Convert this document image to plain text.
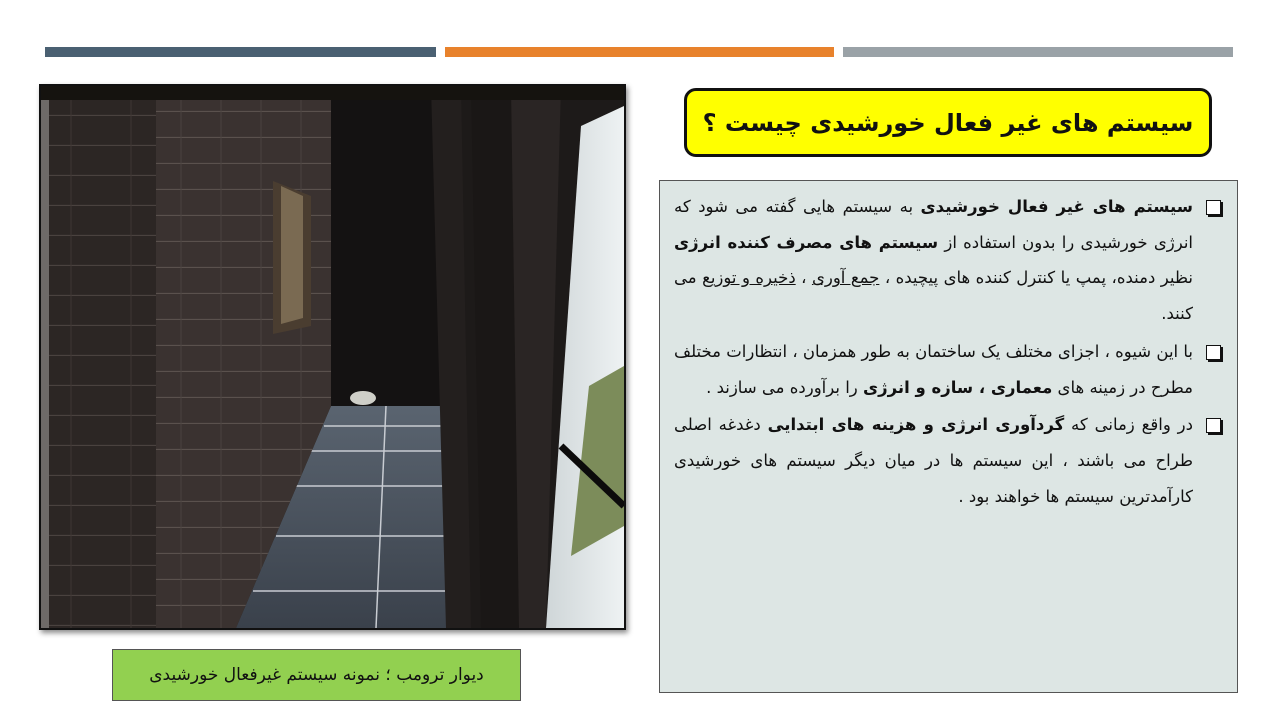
دیوار ترومب ؛ نمونه سیستم غیرفعال خورشیدی
سیستم های غیر فعال خورشیدی چیست ؟

سیستم های غیر فعال خورشیدی به سیستم هایی گفته می شود که انرژی خورشیدی را بدون استفاده از سیستم های مصرف کننده انرژی نظیر دمنده، پمپ یا کنترل کننده های پیچیده ، جمع آوری ، ذخیره و توزیع می کنند.

با این شیوه ، اجزای مختلف یک ساختمان به طور همزمان ، انتظارات مختلف مطرح در زمینه های معماری ، سازه و انرژی را برآورده می سازند .

در واقع زمانی که گردآوری انرژی و هزینه های ابتدایی دغدغه اصلی طراح می باشند ، این سیستم ها در میان دیگر سیستم های خورشیدی کارآمدترین سیستم ها خواهند بود .
